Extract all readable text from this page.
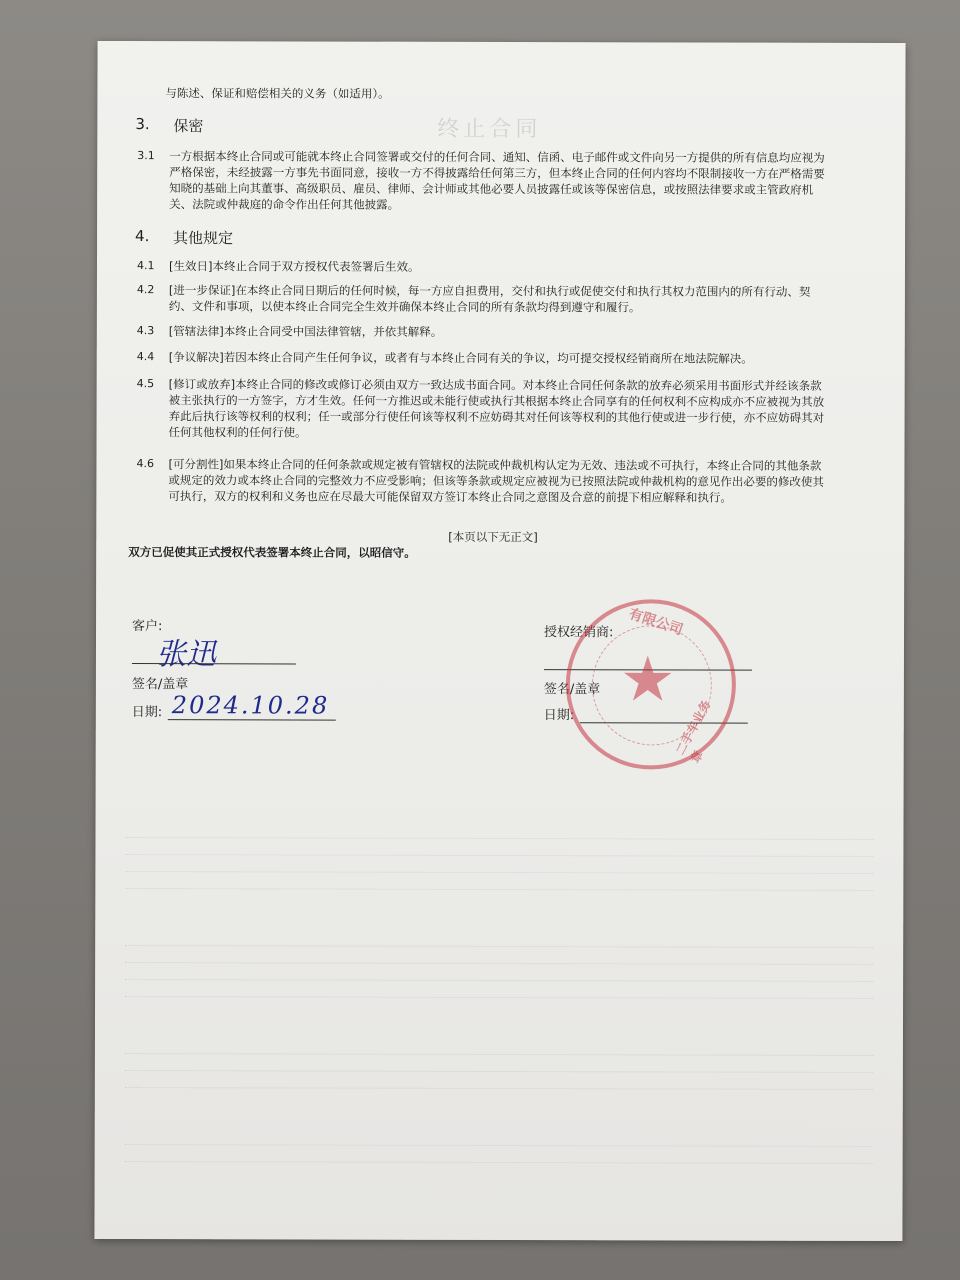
终止合同
与陈述、保证和赔偿相关的义务（如适用）。
3. 保密
3.1 一方根据本终止合同或可能就本终止合同签署或交付的任何合同、通知、信函、电子邮件或文件向另一方提供的所有信息均应视为
严格保密，未经披露一方事先书面同意，接收一方不得披露给任何第三方，但本终止合同的任何内容均不限制接收一方在严格需要
知晓的基础上向其董事、高级职员、雇员、律师、会计师或其他必要人员披露任或该等保密信息，或按照法律要求或主管政府机
关、法院或仲裁庭的命令作出任何其他披露。
4. 其他规定
4.1 [生效日]本终止合同于双方授权代表签署后生效。
4.2 [进一步保证]在本终止合同日期后的任何时候，每一方应自担费用，交付和执行或促使交付和执行其权力范围内的所有行动、契
约、文件和事项，以使本终止合同完全生效并确保本终止合同的所有条款均得到遵守和履行。
4.3 [管辖法律]本终止合同受中国法律管辖，并依其解释。
4.4 [争议解决]若因本终止合同产生任何争议，或者有与本终止合同有关的争议，均可提交授权经销商所在地法院解决。
4.5 [修订或放弃]本终止合同的修改或修订必须由双方一致达成书面合同。对本终止合同任何条款的放弃必须采用书面形式并经该条款
被主张执行的一方签字，方才生效。任何一方推迟或未能行使或执行其根据本终止合同享有的任何权利不应构成亦不应被视为其放
弃此后执行该等权利的权利；任一或部分行使任何该等权利不应妨碍其对任何该等权利的其他行使或进一步行使，亦不应妨碍其对
任何其他权利的任何行使。
4.6 [可分割性]如果本终止合同的任何条款或规定被有管辖权的法院或仲裁机构认定为无效、违法或不可执行，本终止合同的其他条款
或规定的效力或本终止合同的完整效力不应受影响；但该等条款或规定应被视为已按照法院或仲裁机构的意见作出必要的修改使其
可执行，双方的权利和义务也应在尽最大可能保留双方签订本终止合同之意图及合意的前提下相应解释和执行。
[本页以下无正文]
双方已促使其正式授权代表签署本终止合同，以昭信守。
客户:
张迅
签名/盖章
日期: 2024.10.28
授权经销商:
签名/盖章
日期:
★
有限公司
二手车业务章
